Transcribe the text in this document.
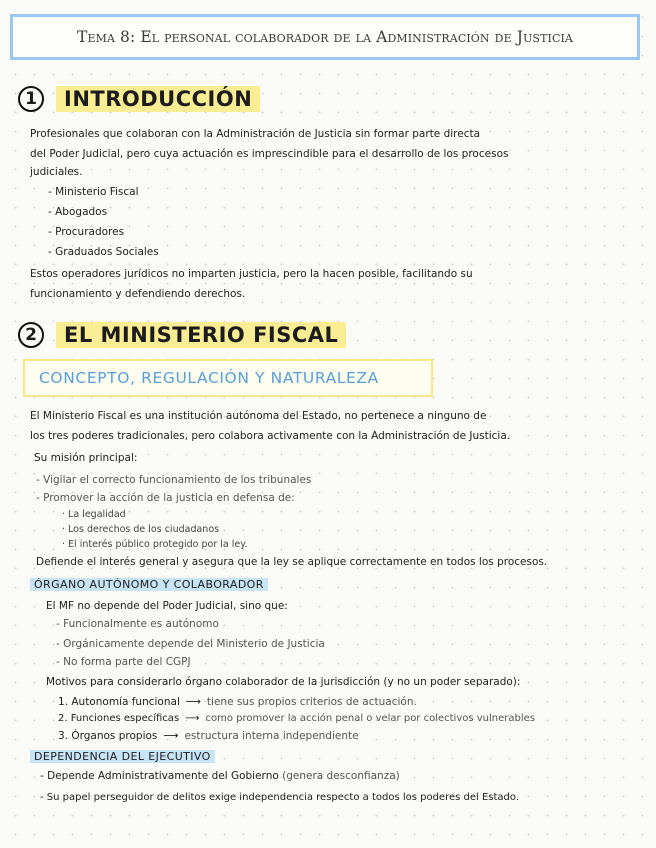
Tema 8: El personal colaborador de la Administración de Justicia
1	INTRODUCCIÓN
Profesionales que colaboran con la Administración de Justicia sin formar parte directa
del Poder Judicial, pero cuya actuación es imprescindible para el desarrollo de los procesos
judiciales.
- Ministerio Fiscal
- Abogados
- Procuradores
- Graduados Sociales
Estos operadores jurídicos no imparten justicia, pero la hacen posible, facilitando su
funcionamiento y defendiendo derechos.
2	EL MINISTERIO FISCAL
CONCEPTO, REGULACIÓN Y NATURALEZA
El Ministerio Fiscal es una institución autónoma del Estado, no pertenece a ninguno de
los tres poderes tradicionales, pero colabora activamente con la Administración de Justicia.
Su misión principal:
- Vigilar el correcto funcionamiento de los tribunales
- Promover la acción de la justicia en defensa de:
· La legalidad
· Los derechos de los ciudadanos
· El interés público protegido por la ley.
Defiende el interés general y asegura que la ley se aplique correctamente en todos los procesos.
ÓRGANO AUTÓNOMO Y COLABORADOR
El MF no depende del Poder Judicial, sino que:
- Funcionalmente es autónomo
- Orgánicamente depende del Ministerio de Justicia
- No forma parte del CGPJ
Motivos para considerarlo órgano colaborador de la jurisdicción (y no un poder separado):
1. Autonomía funcional ⟶ tiene sus propios criterios de actuación.
2. Funciones específicas ⟶ como promover la acción penal o velar por colectivos vulnerables
3. Órganos propios ⟶ estructura interna independiente
DEPENDENCIA DEL EJECUTIVO
- Depende Administrativamente del Gobierno (genera desconfianza)
- Su papel perseguidor de delitos exige independencia respecto a todos los poderes del Estado.
